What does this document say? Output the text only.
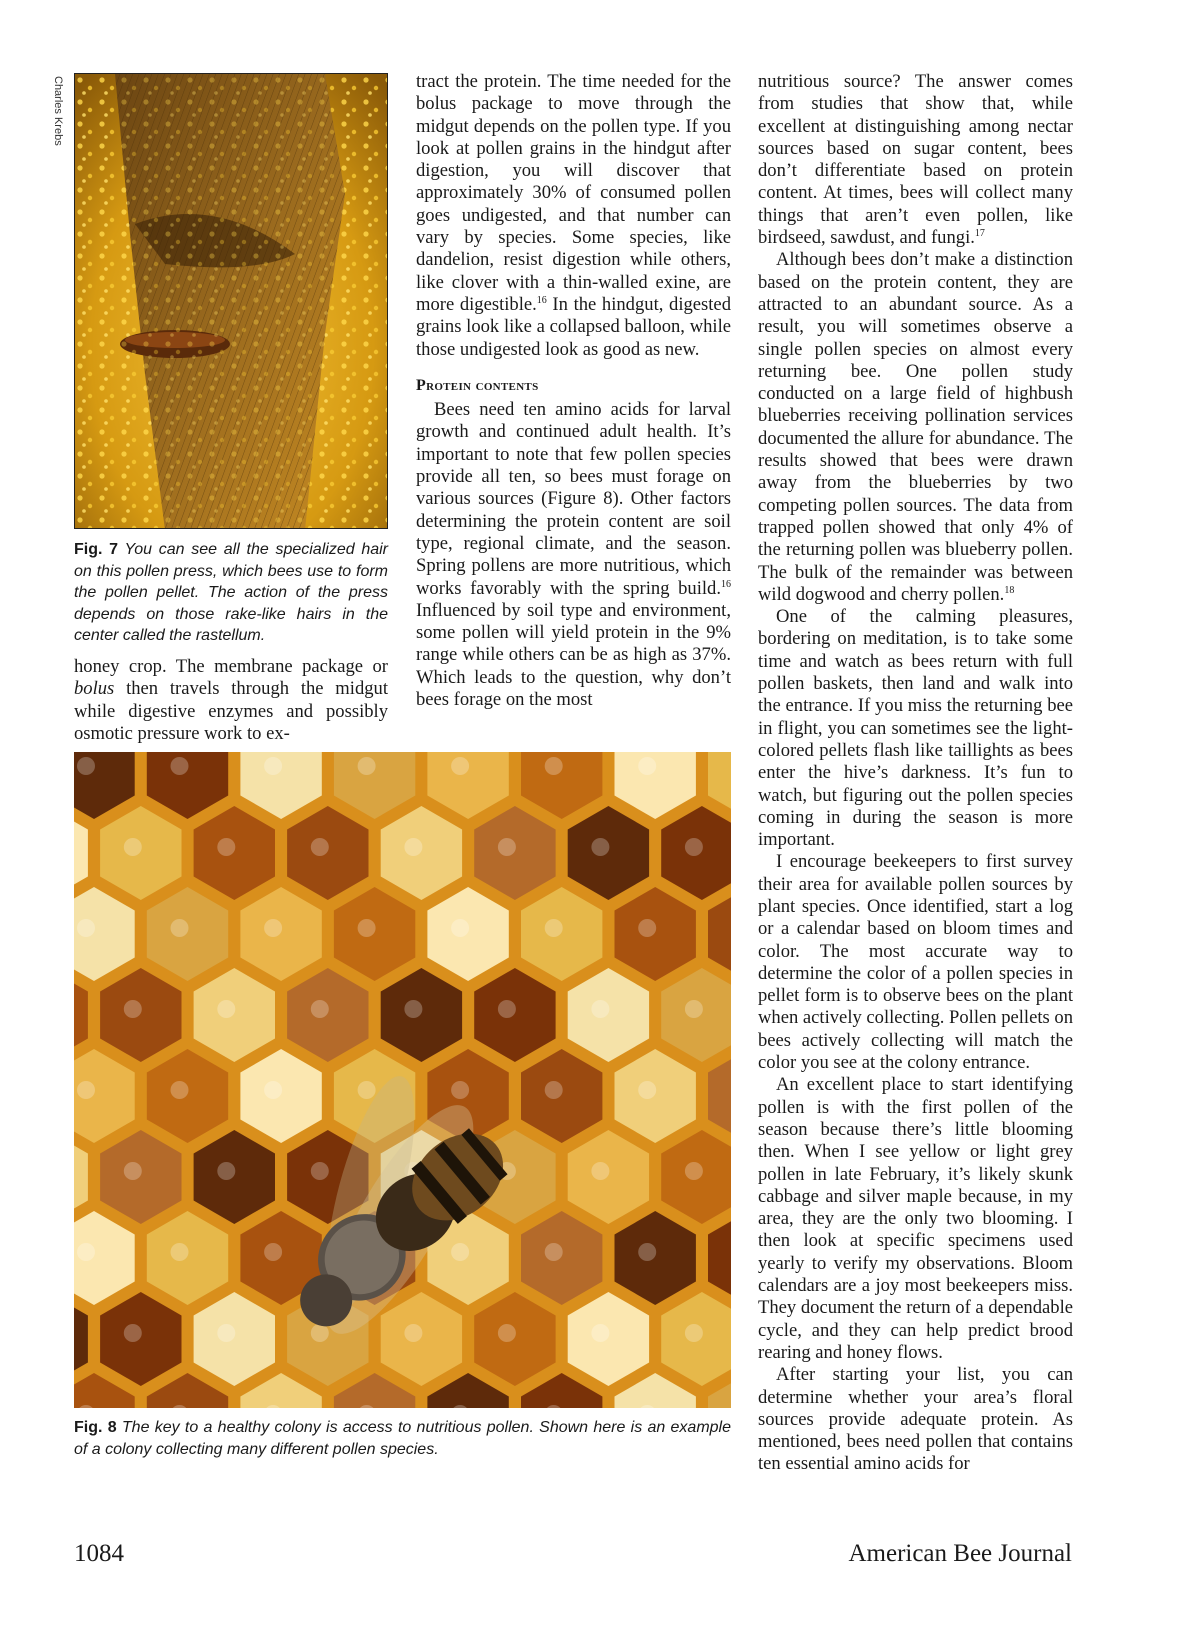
Charles Krebs
Fig. 7 You can see all the specialized hair on this pollen press, which bees use to form the pollen pellet. The action of the press depends on those rake-like hairs in the center called the rastellum.

honey crop. The membrane package or bolus then travels through the midgut while digestive enzymes and possibly osmotic pressure work to ex-

tract the protein. The time needed for the bolus package to move through the midgut depends on the pollen type. If you look at pollen grains in the hindgut after digestion, you will discover that approximately 30% of consumed pollen goes undigested, and that number can vary by species. Some species, like dandelion, resist digestion while others, like clover with a thin-walled exine, are more digestible.$^{16}$ In the hindgut, digested grains look like a collapsed balloon, while those undigested look as good as new.

Protein contents

Bees need ten amino acids for larval growth and continued adult health. It’s important to note that few pollen species provide all ten, so bees must forage on various sources (Figure 8). Other factors determining the protein content are soil type, regional climate, and the season. Spring pollens are more nutritious, which works favorably with the spring build.$^{16}$ Influenced by soil type and environment, some pollen will yield protein in the 9% range while others can be as high as 37%. Which leads to the question, why don’t bees forage on the most

Fig. 8 The key to a healthy colony is access to nutritious pollen. Shown here is an example of a colony collecting many different pollen species.

nutritious source? The answer comes from studies that show that, while excellent at distinguishing among nectar sources based on sugar content, bees don’t differentiate based on protein content. At times, bees will collect many things that aren’t even pollen, like birdseed, sawdust, and fungi.$^{17}$

Although bees don’t make a distinction based on the protein content, they are attracted to an abundant source. As a result, you will sometimes observe a single pollen species on almost every returning bee. One pollen study conducted on a large field of highbush blueberries receiving pollination services documented the allure for abundance. The results showed that bees were drawn away from the blueberries by two competing pollen sources. The data from trapped pollen showed that only 4% of the returning pollen was blueberry pollen. The bulk of the remainder was between wild dogwood and cherry pollen.$^{18}$

One of the calming pleasures, bordering on meditation, is to take some time and watch as bees return with full pollen baskets, then land and walk into the entrance. If you miss the returning bee in flight, you can sometimes see the light-colored pellets flash like taillights as bees enter the hive’s darkness. It’s fun to watch, but figuring out the pollen species coming in during the season is more important.

I encourage beekeepers to first survey their area for available pollen sources by plant species. Once identified, start a log or a calendar based on bloom times and color. The most accurate way to determine the color of a pollen species in pellet form is to observe bees on the plant when actively collecting. Pollen pellets on bees actively collecting will match the color you see at the colony entrance.

An excellent place to start identifying pollen is with the first pollen of the season because there’s little blooming then. When I see yellow or light grey pollen in late February, it’s likely skunk cabbage and silver maple because, in my area, they are the only two blooming. I then look at specific specimens used yearly to verify my observations. Bloom calendars are a joy most beekeepers miss. They document the return of a dependable cycle, and they can help predict brood rearing and honey flows.

After starting your list, you can determine whether your area’s floral sources provide adequate protein. As mentioned, bees need pollen that contains ten essential amino acids for

1084	American Bee Journal
